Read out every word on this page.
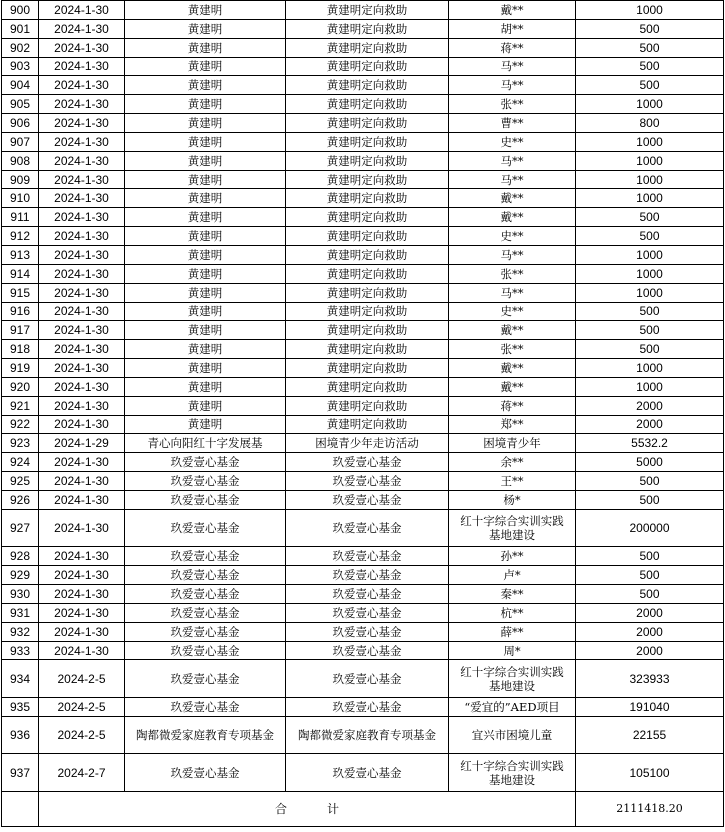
900	2024-1-30	黄建明	黄建明定向救助	戴**	1000
901	2024-1-30	黄建明	黄建明定向救助	胡**	500
902	2024-1-30	黄建明	黄建明定向救助	蒋**	500
903	2024-1-30	黄建明	黄建明定向救助	马**	500
904	2024-1-30	黄建明	黄建明定向救助	马**	500
905	2024-1-30	黄建明	黄建明定向救助	张**	1000
906	2024-1-30	黄建明	黄建明定向救助	曹**	800
907	2024-1-30	黄建明	黄建明定向救助	史**	1000
908	2024-1-30	黄建明	黄建明定向救助	马**	1000
909	2024-1-30	黄建明	黄建明定向救助	马**	1000
910	2024-1-30	黄建明	黄建明定向救助	戴**	1000
911	2024-1-30	黄建明	黄建明定向救助	戴**	500
912	2024-1-30	黄建明	黄建明定向救助	史**	500
913	2024-1-30	黄建明	黄建明定向救助	马**	1000
914	2024-1-30	黄建明	黄建明定向救助	张**	1000
915	2024-1-30	黄建明	黄建明定向救助	马**	1000
916	2024-1-30	黄建明	黄建明定向救助	史**	500
917	2024-1-30	黄建明	黄建明定向救助	戴**	500
918	2024-1-30	黄建明	黄建明定向救助	张**	500
919	2024-1-30	黄建明	黄建明定向救助	戴**	1000
920	2024-1-30	黄建明	黄建明定向救助	戴**	1000
921	2024-1-30	黄建明	黄建明定向救助	蒋**	2000
922	2024-1-30	黄建明	黄建明定向救助	郑**	2000
923	2024-1-29	青心向阳红十字发展基	困境青少年走访活动	困境青少年	5532.2
924	2024-1-30	玖爱壹心基金	玖爱壹心基金	余**	5000
925	2024-1-30	玖爱壹心基金	玖爱壹心基金	王**	500
926	2024-1-30	玖爱壹心基金	玖爱壹心基金	杨*	500
927	2024-1-30	玖爱壹心基金	玖爱壹心基金	红十字综合实训实践基地建设	200000
928	2024-1-30	玖爱壹心基金	玖爱壹心基金	孙**	500
929	2024-1-30	玖爱壹心基金	玖爱壹心基金	卢*	500
930	2024-1-30	玖爱壹心基金	玖爱壹心基金	秦**	500
931	2024-1-30	玖爱壹心基金	玖爱壹心基金	杭**	2000
932	2024-1-30	玖爱壹心基金	玖爱壹心基金	薛**	2000
933	2024-1-30	玖爱壹心基金	玖爱壹心基金	周*	2000
934	2024-2-5	玖爱壹心基金	玖爱壹心基金	红十字综合实训实践基地建设	323933
935	2024-2-5	玖爱壹心基金	玖爱壹心基金	“爱宜的”AED项目	191040
936	2024-2-5	陶都微爱家庭教育专项基金	陶都微爱家庭教育专项基金	宜兴市困境儿童	22155
937	2024-2-7	玖爱壹心基金	玖爱壹心基金	红十字综合实训实践基地建设	105100
	合 计				2111418.20
